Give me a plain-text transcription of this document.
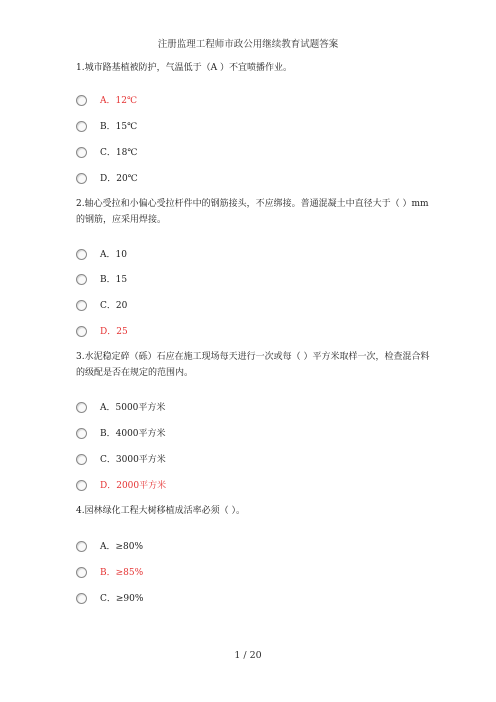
注册监理工程师市政公用继续教育试题答案
1.城市路基植被防护，气温低于（A ）不宜喷播作业。
A．12℃
B．15℃
C．18℃
D．20℃
2.轴心受拉和小偏心受拉杆件中的钢筋接头，不应绑接。普通混凝土中直径大于（ ）mm 的钢筋，应采用焊接。
A．10
B．15
C．20
D．25
3.水泥稳定碎（砾）石应在施工现场每天进行一次或每（ ）平方米取样一次，检查混合料的级配是否在规定的范围内。
A．5000平方米
B．4000平方米
C．3000平方米
D．2000平方米
4.园林绿化工程大树移植成活率必须（ ）。
A．≥80%
B．≥85%
C．≥90%
1 / 20
